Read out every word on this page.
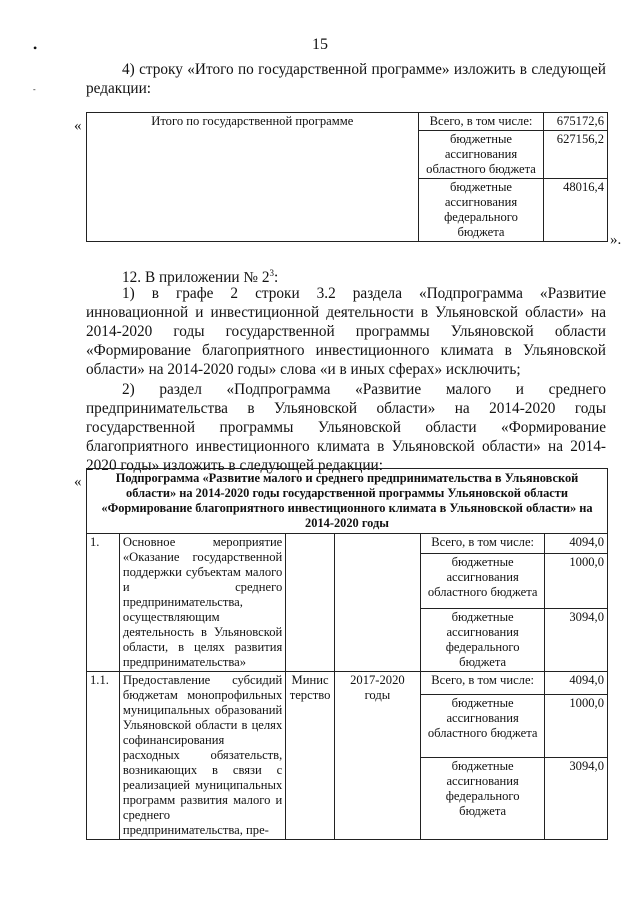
15
•
-
4) строку «Итого по государственной программе» изложить в следующей редакции:
«	Итого по государственной программе	Всего, в том числе:	675172,6
	бюджетные ассигнования областного бюджета	627156,2
	бюджетные ассигнования федерального бюджета	48016,4
».
12. В приложении № $2^3$:
1) в графе 2 строки 3.2 раздела «Подпрограмма «Развитие инновационной и инвестиционной деятельности в Ульяновской области» на 2014-2020 годы государственной программы Ульяновской области «Формирование благоприятного инвестиционного климата в Ульяновской области» на 2014-2020 годы» слова «и в иных сферах» исключить;
2) раздел «Подпрограмма «Развитие малого и среднего предпринимательства в Ульяновской области» на 2014-2020 годы государственной программы Ульяновской области «Формирование благоприятного инвестиционного климата в Ульяновской области» на 2014-2020 годы» изложить в следующей редакции:
«	Подпрограмма «Развитие малого и среднего предпринимательства в Ульяновской области» на 2014-2020 годы государственной программы Ульяновской области «Формирование благоприятного инвестиционного климата в Ульяновской области» на 2014-2020 годы					
1.	Основное мероприятие «Оказание государственной поддержки субъектам малого и среднего предпринимательства, осуществляющим деятельность в Ульяновской области, в целях развития предпринимательства»			Всего, в том числе:	4094,0
				бюджетные ассигнования областного бюджета	1000,0
				бюджетные ассигнования федерального бюджета	3094,0
1.1.	Предоставление субсидий бюджетам монопрофильных муниципальных образований Ульяновской области в целях софинансирования расходных обязательств, возникающих в связи с реализацией муниципальных программ развития малого и среднего предпринимательства, пре-	Министерство	2017-2020 годы	Всего, в том числе:	4094,0
				бюджетные ассигнования областного бюджета	1000,0
				бюджетные ассигнования федерального бюджета	3094,0
